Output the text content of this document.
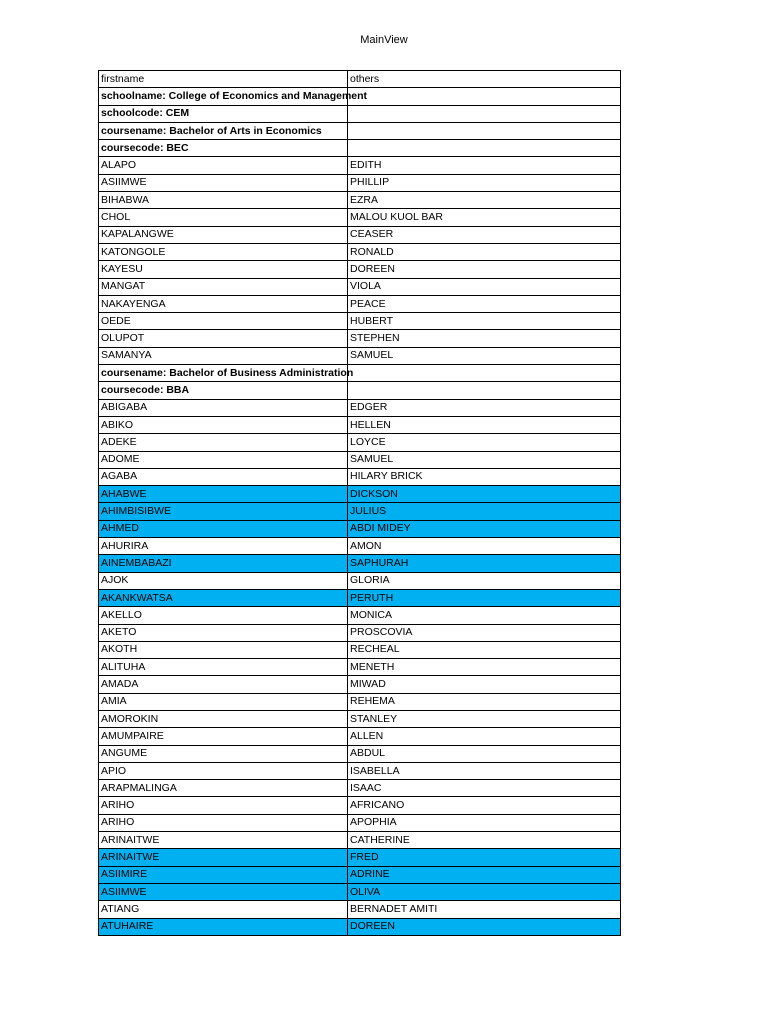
MainView
firstname	others
schoolname: College of Economics and Management	
schoolcode: CEM	
coursename: Bachelor of Arts in Economics	
coursecode: BEC	
ALAPO	EDITH
ASIIMWE	PHILLIP
BIHABWA	EZRA
CHOL	MALOU KUOL BAR
KAPALANGWE	CEASER
KATONGOLE	RONALD
KAYESU	DOREEN
MANGAT	VIOLA
NAKAYENGA	PEACE
OEDE	HUBERT
OLUPOT	STEPHEN
SAMANYA	SAMUEL
coursename: Bachelor of Business Administration	
coursecode: BBA	
ABIGABA	EDGER
ABIKO	HELLEN
ADEKE	LOYCE
ADOME	SAMUEL
AGABA	HILARY BRICK
AHABWE	DICKSON
AHIMBISIBWE	JULIUS
AHMED	ABDI MIDEY
AHURIRA	AMON
AINEMBABAZI	SAPHURAH
AJOK	GLORIA
AKANKWATSA	PERUTH
AKELLO	MONICA
AKETO	PROSCOVIA
AKOTH	RECHEAL
ALITUHA	MENETH
AMADA	MIWAD
AMIA	REHEMA
AMOROKIN	STANLEY
AMUMPAIRE	ALLEN
ANGUME	ABDUL
APIO	ISABELLA
ARAPMALINGA	ISAAC
ARIHO	AFRICANO
ARIHO	APOPHIA
ARINAITWE	CATHERINE
ARINAITWE	FRED
ASIIMIRE	ADRINE
ASIIMWE	OLIVA
ATIANG	BERNADET AMITI
ATUHAIRE	DOREEN
